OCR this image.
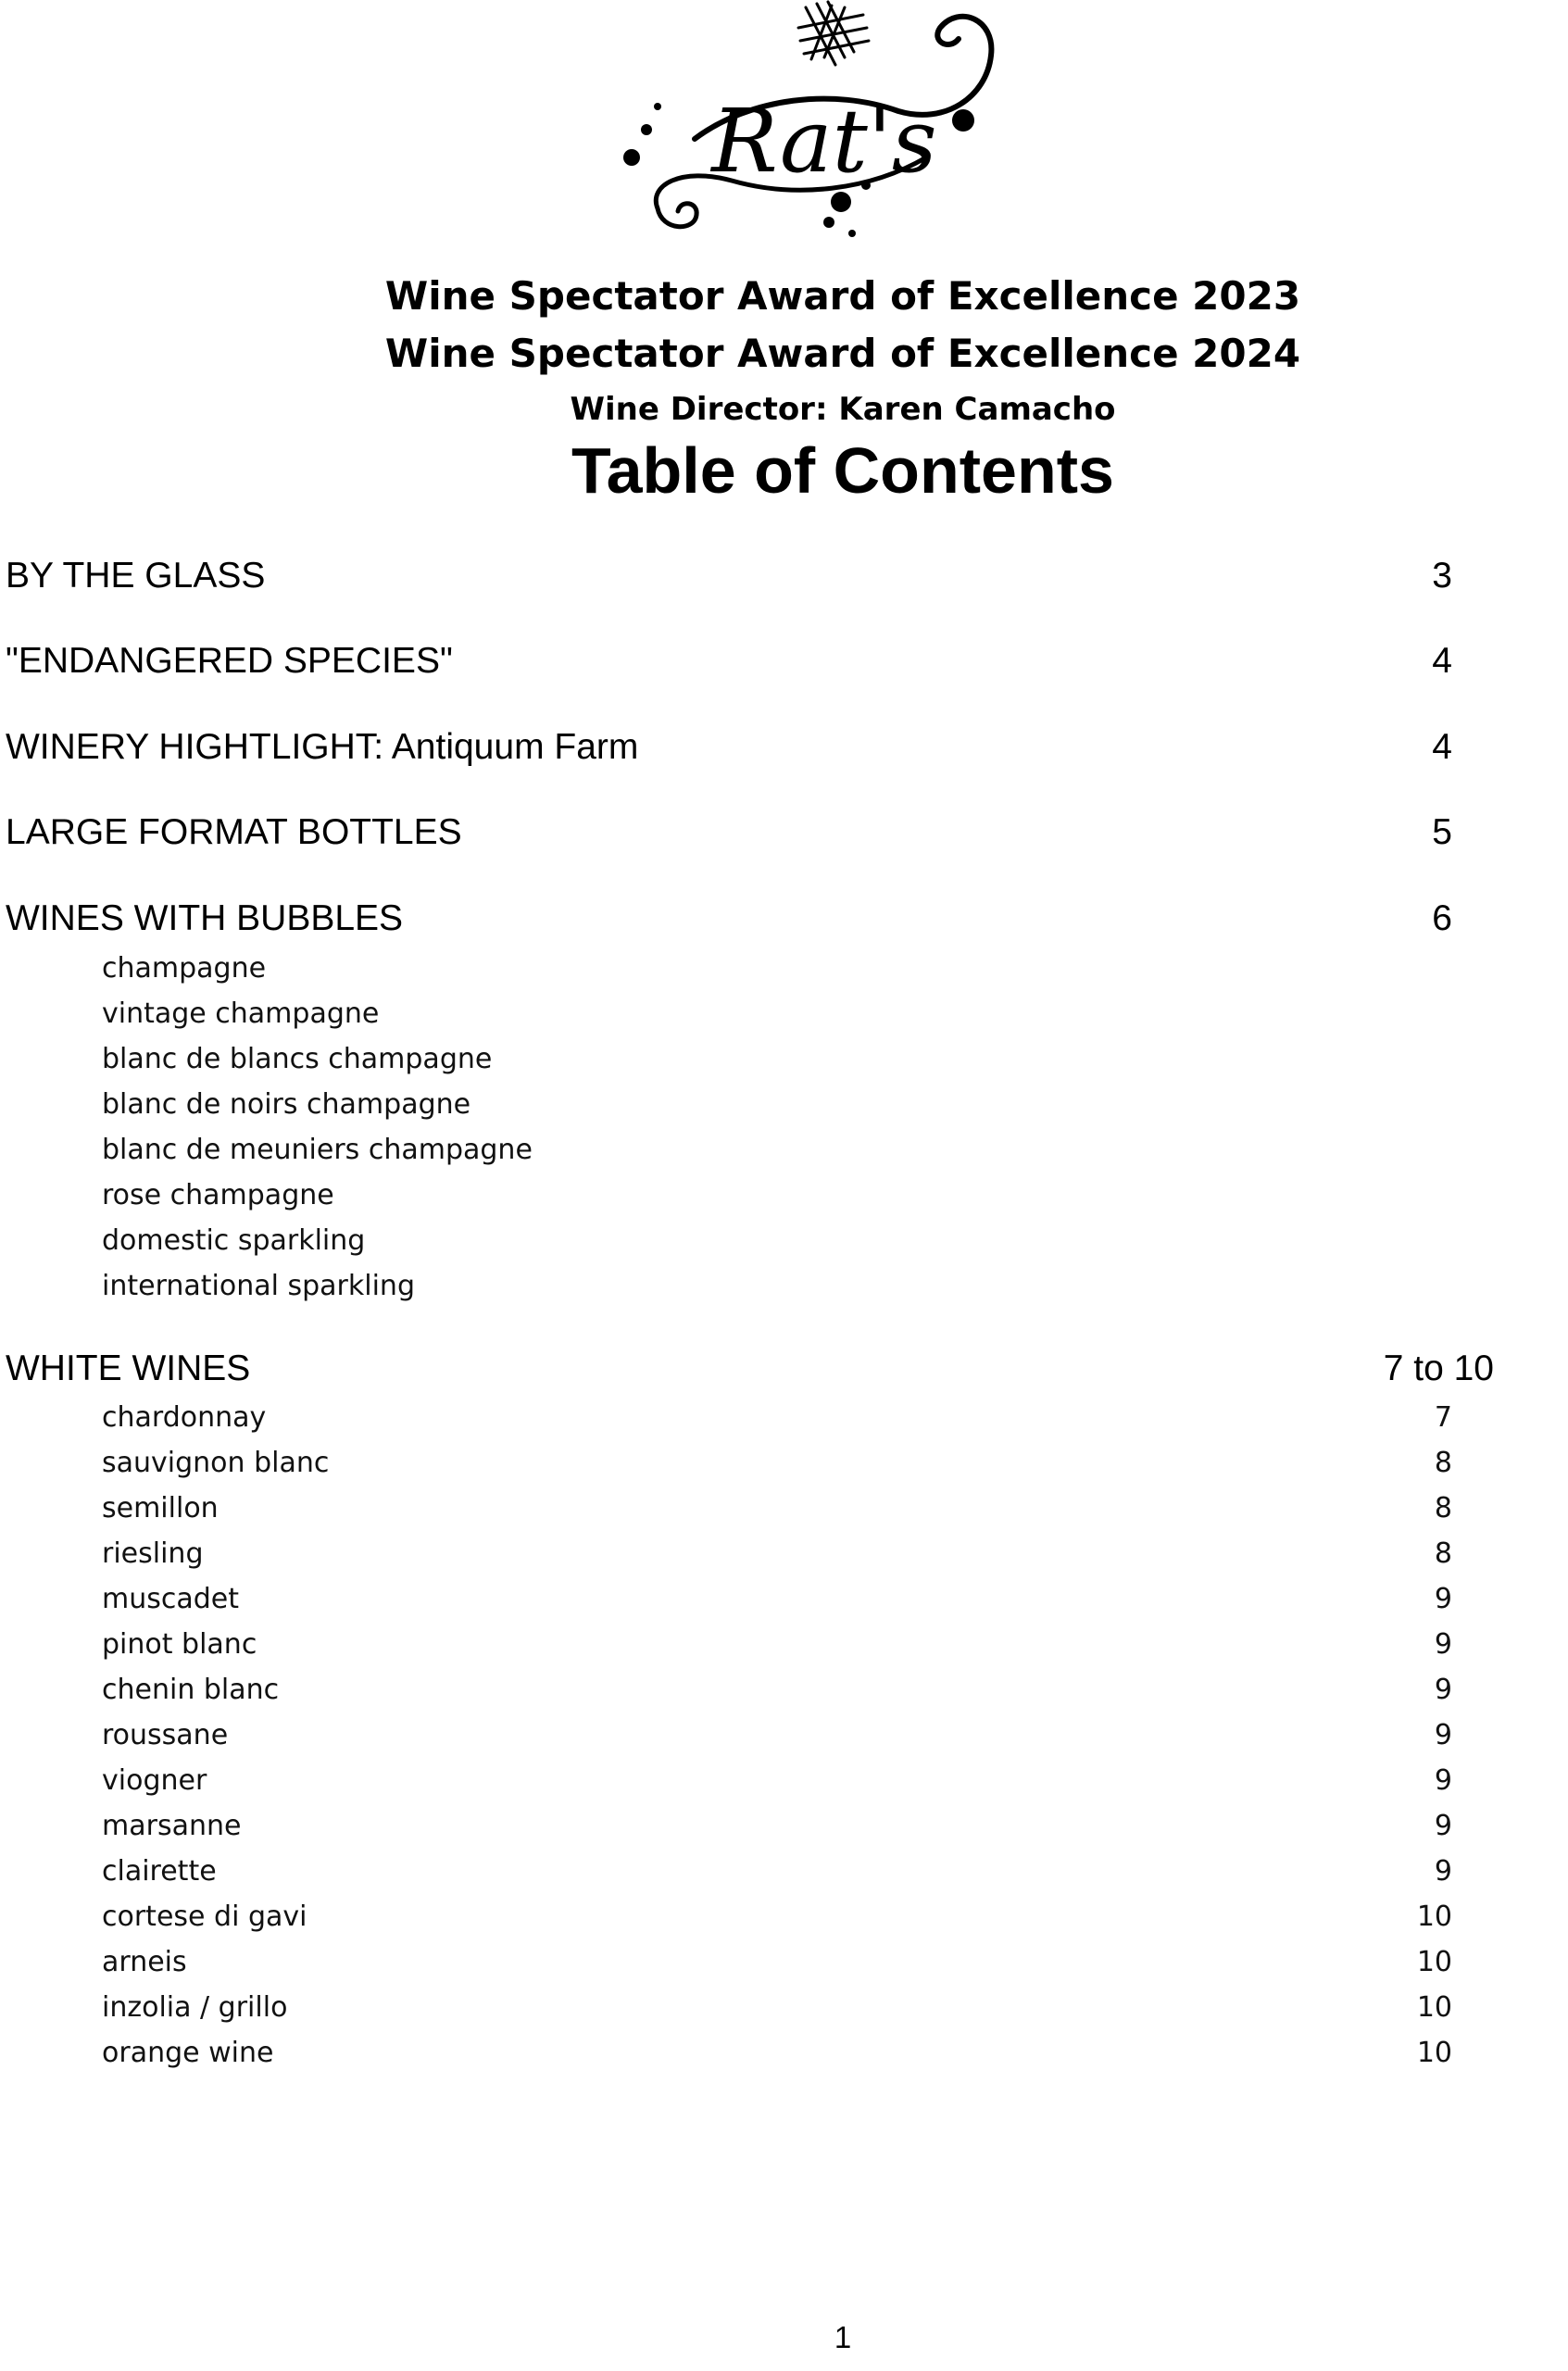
Rat's
Wine Spectator Award of Excellence 2023
Wine Spectator Award of Excellence 2024
Wine Director: Karen Camacho
Table of Contents
BY THE GLASS	3
"ENDANGERED SPECIES"	4
WINERY HIGHTLIGHT: Antiquum Farm	4
LARGE FORMAT BOTTLES	5
WINES WITH BUBBLES	6
champagne
vintage champagne
blanc de blancs champagne
blanc de noirs champagne
blanc de meuniers champagne
rose champagne
domestic sparkling
international sparkling
WHITE WINES	7 to 10
chardonnay	7
sauvignon blanc	8
semillon	8
riesling	8
muscadet	9
pinot blanc	9
chenin blanc	9
roussane	9
viogner	9
marsanne	9
clairette	9
cortese di gavi	10
arneis	10
inzolia / grillo	10
orange wine	10
1
